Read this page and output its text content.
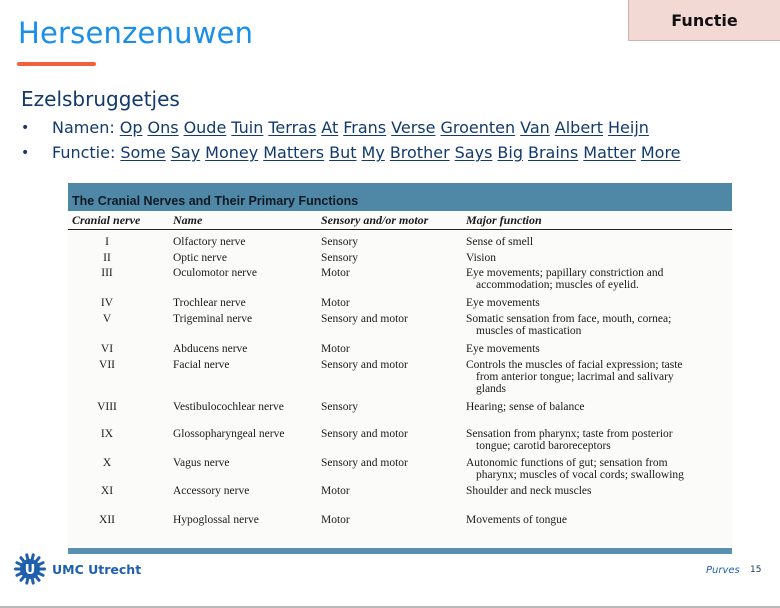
Hersenzenuwen	Functie
Ezelsbruggetjes
•	Namen: Op Ons Oude Tuin Terras At Frans Verse Groenten Van Albert Heijn
•	Functie: Some Say Money Matters But My Brother Says Big Brains Matter More
The Cranial Nerves and Their Primary Functions
Cranial nerve	Name	Sensory and/or motor	Major function
I	Olfactory nerve	Sensory	Sense of smell
II	Optic nerve	Sensory	Vision
III	Oculomotor nerve	Motor	Eye movements; papillary constriction and
accommodation; muscles of eyelid.
IV	Trochlear nerve	Motor	Eye movements
V	Trigeminal nerve	Sensory and motor	Somatic sensation from face, mouth, cornea;
muscles of mastication
VI	Abducens nerve	Motor	Eye movements
VII	Facial nerve	Sensory and motor	Controls the muscles of facial expression; taste
from anterior tongue; lacrimal and salivary
glands
VIII	Vestibulocochlear nerve	Sensory	Hearing; sense of balance
IX	Glossopharyngeal nerve	Sensory and motor	Sensation from pharynx; taste from posterior
tongue; carotid baroreceptors
X	Vagus nerve	Sensory and motor	Autonomic functions of gut; sensation from
pharynx; muscles of vocal cords; swallowing
XI	Accessory nerve	Motor	Shoulder and neck muscles
XII	Hypoglossal nerve	Motor	Movements of tongue
U UMC Utrecht	Purves 15
